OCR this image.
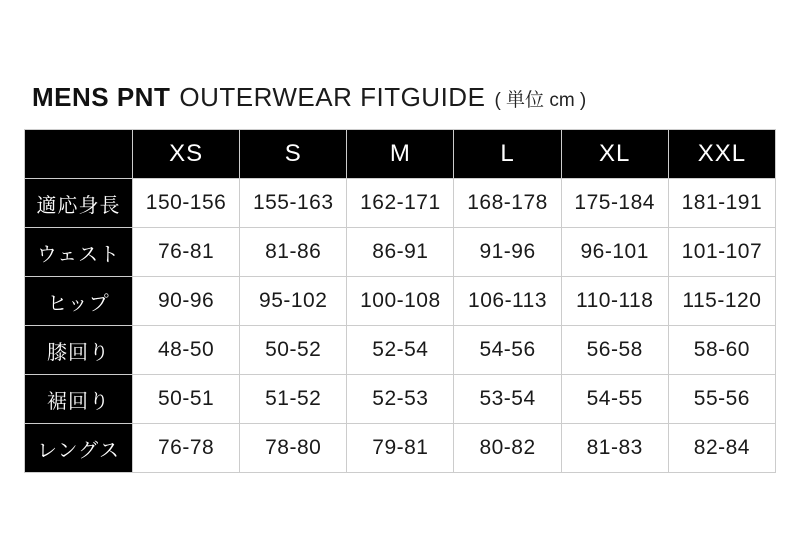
MENS PNT OUTERWEAR FITGUIDE ( 単位 cm )
	XS	S	M	L	XL	XXL
適応身長	150-156	155-163	162-171	168-178	175-184	181-191
ウェスト	76-81	81-86	86-91	91-96	96-101	101-107
ヒップ	90-96	95-102	100-108	106-113	110-118	115-120
膝回り	48-50	50-52	52-54	54-56	56-58	58-60
裾回り	50-51	51-52	52-53	53-54	54-55	55-56
レングス	76-78	78-80	79-81	80-82	81-83	82-84
